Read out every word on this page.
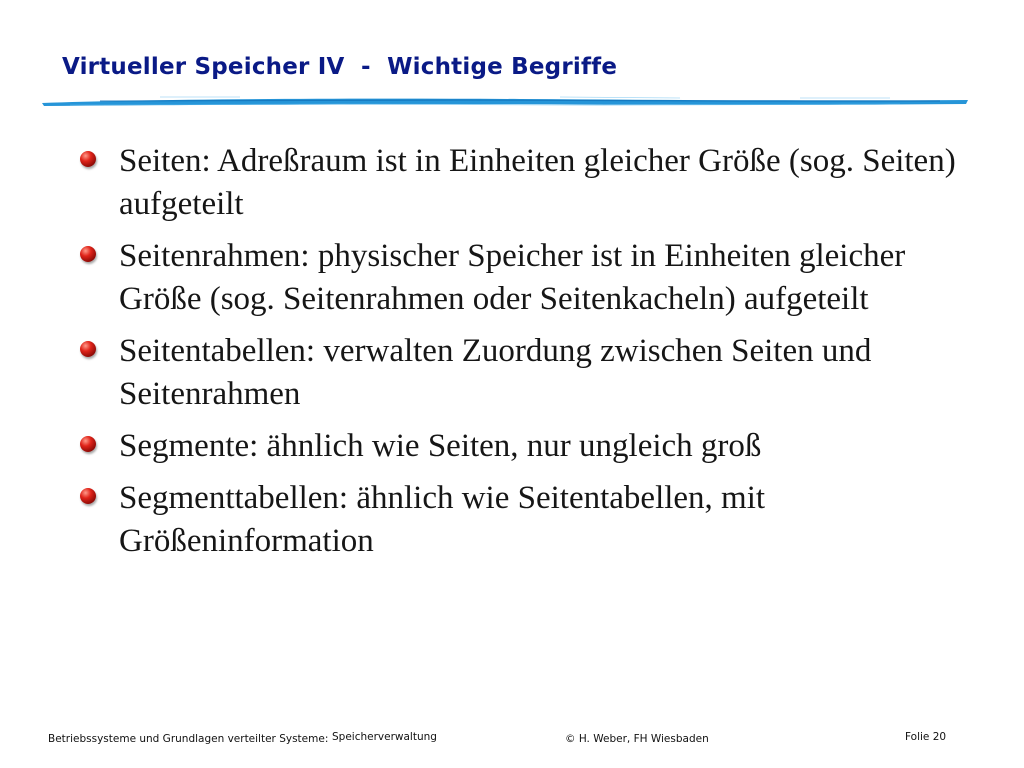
Virtueller Speicher IV  -  Wichtige Begriffe
Seiten: Adreßraum ist in Einheiten gleicher Größe (sog. Seiten) aufgeteilt
Seitenrahmen: physischer Speicher ist in Einheiten gleicher Größe (sog. Seitenrahmen oder Seitenkacheln) aufgeteilt
Seitentabellen: verwalten Zuordung zwischen Seiten und Seitenrahmen
Segmente: ähnlich wie Seiten, nur ungleich groß
Segmenttabellen: ähnlich wie Seitentabellen, mit Größeninformation
Betriebssysteme und Grundlagen verteilter Systeme: Speicherverwaltung	© H. Weber, FH Wiesbaden	Folie 20
